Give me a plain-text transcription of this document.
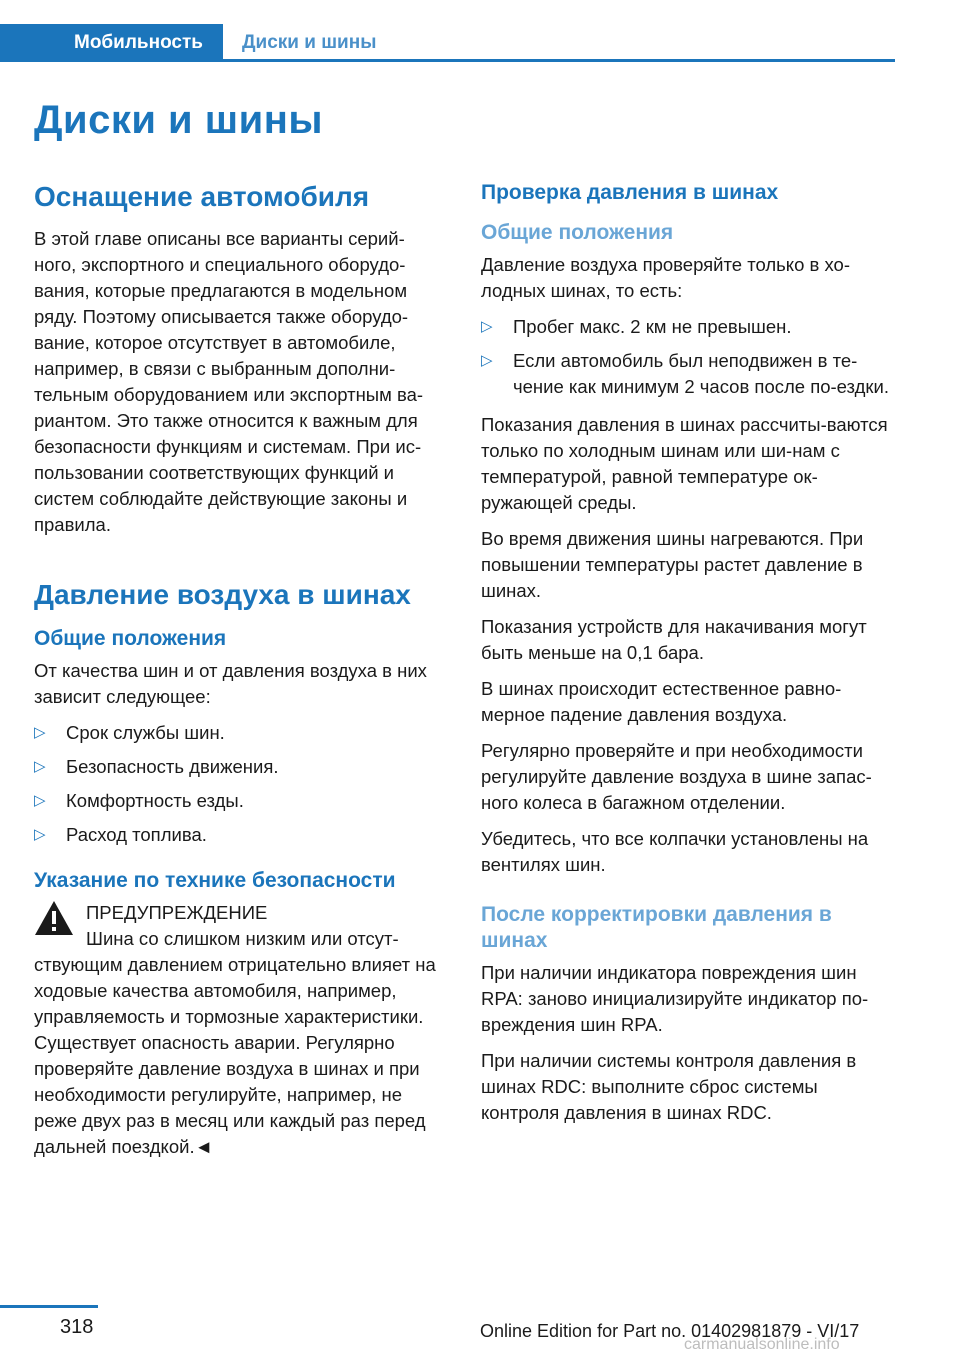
Мобильность	Диски и шины
Диски и шины
Оснащение автомобиля

В этой главе описаны все варианты серий-ного, экспортного и специального оборудо-вания, которые предлагаются в модельном ряду. Поэтому описывается также оборудо-вание, которое отсутствует в автомобиле, например, в связи с выбранным дополни-тельным оборудованием или экспортным ва-риантом. Это также относится к важным для безопасности функциям и системам. При ис-пользовании соответствующих функций и систем соблюдайте действующие законы и правила.

Давление воздуха в шинах
Общие положения

От качества шин и от давления воздуха в них зависит следующее:

▷ Срок службы шин.
▷ Безопасность движения.
▷ Комфортность езды.
▷ Расход топлива.
Указание по технике безопасности
ПРЕДУПРЕЖДЕНИЕ

Шина со слишком низким или отсут-ствующим давлением отрицательно влияет на ходовые качества автомобиля, например, управляемость и тормозные характеристики. Существует опасность аварии. Регулярно проверяйте давление воздуха в шинах и при необходимости регулируйте, например, не реже двух раз в месяц или каждый раз перед дальней поездкой.◄

Проверка давления в шинах
Общие положения

Давление воздуха проверяйте только в хо-лодных шинах, то есть:

▷ Пробег макс. 2 км не превышен.
▷ Если автомобиль был неподвижен в те-чение как минимум 2 часов после по-ездки.

Показания давления в шинах рассчиты-ваются только по холодным шинам или ши-нам с температурой, равной температуре ок-ружающей среды.

Во время движения шины нагреваются. При повышении температуры растет давление в шинах.

Показания устройств для накачивания могут быть меньше на 0,1 бара.

В шинах происходит естественное равно-мерное падение давления воздуха.

Регулярно проверяйте и при необходимости регулируйте давление воздуха в шине запас-ного колеса в багажном отделении.

Убедитесь, что все колпачки установлены на вентилях шин.

После корректировки давления в шинах

При наличии индикатора повреждения шин RPA: заново инициализируйте индикатор по-вреждения шин RPA.

При наличии системы контроля давления в шинах RDC: выполните сброс системы контроля давления в шинах RDC.

318	Online Edition for Part no. 01402981879 - VI/17
carmanualsonline.info
